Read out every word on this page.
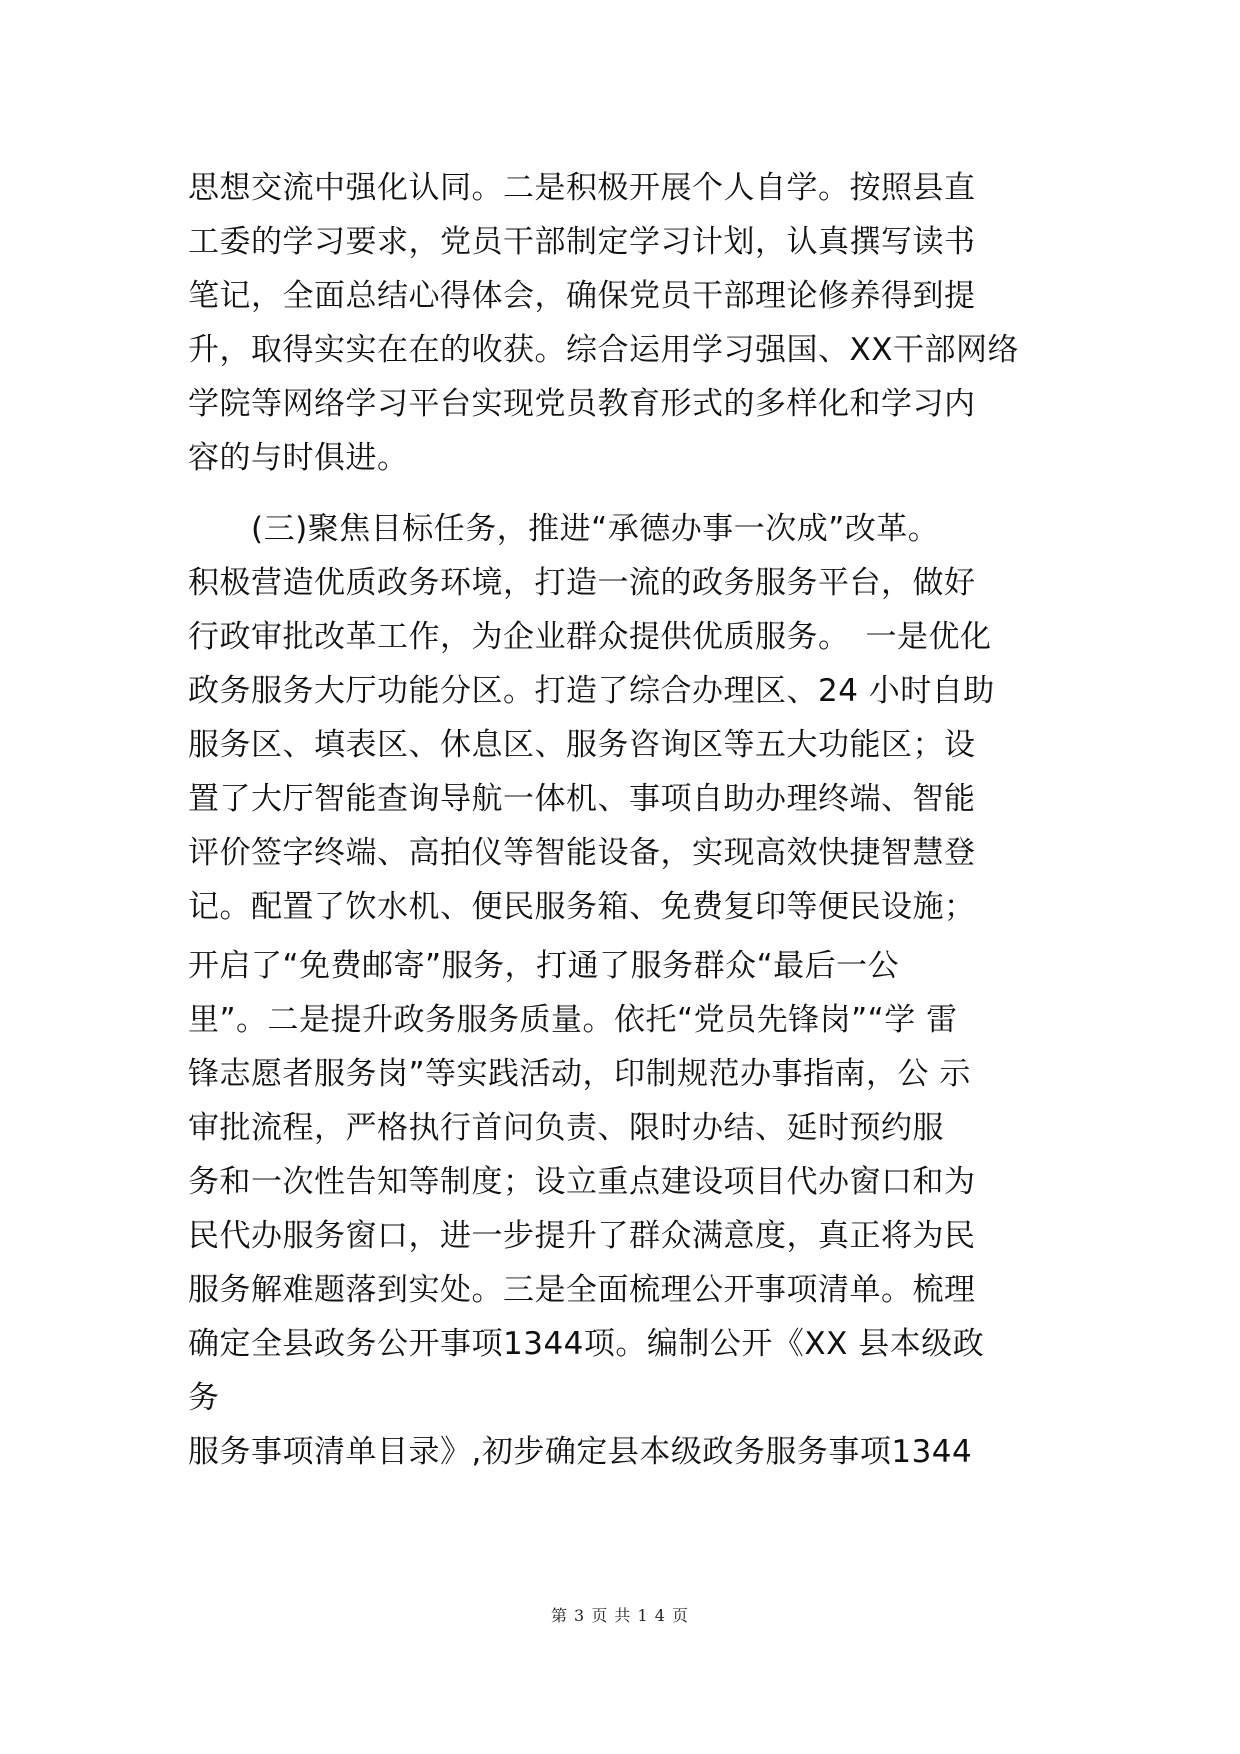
思想交流中强化认同。二是积极开展个人自学。按照县直
工委的学习要求，党员干部制定学习计划，认真撰写读书
笔记，全面总结心得体会，确保党员干部理论修养得到提
升，取得实实在在的收获。综合运用学习强国、XX干部网络
学院等网络学习平台实现党员教育形式的多样化和学习内
容的与时俱进。
　　(三)聚焦目标任务，推进“承德办事一次成”改革。
积极营造优质政务环境，打造一流的政务服务平台，做好
行政审批改革工作，为企业群众提供优质服务。　一是优化
政务服务大厅功能分区。打造了综合办理区、24 小时自助
服务区、填表区、休息区、服务咨询区等五大功能区；设
置了大厅智能查询导航一体机、事项自助办理终端、智能
评价签字终端、高拍仪等智能设备，实现高效快捷智慧登
记。配置了饮水机、便民服务箱、免费复印等便民设施；
开启了“免费邮寄”服务，打通了服务群众“最后一公
里”。二是提升政务服务质量。依托“党员先锋岗”“学 雷
锋志愿者服务岗”等实践活动，印制规范办事指南，公 示
审批流程，严格执行首问负责、限时办结、延时预约服
务和一次性告知等制度；设立重点建设项目代办窗口和为
民代办服务窗口，进一步提升了群众满意度，真正将为民
服务解难题落到实处。三是全面梳理公开事项清单。梳理
确定全县政务公开事项1344项。编制公开《XX 县本级政
务
服务事项清单目录》,初步确定县本级政务服务事项1344
第 3 页 共 1 4 页
